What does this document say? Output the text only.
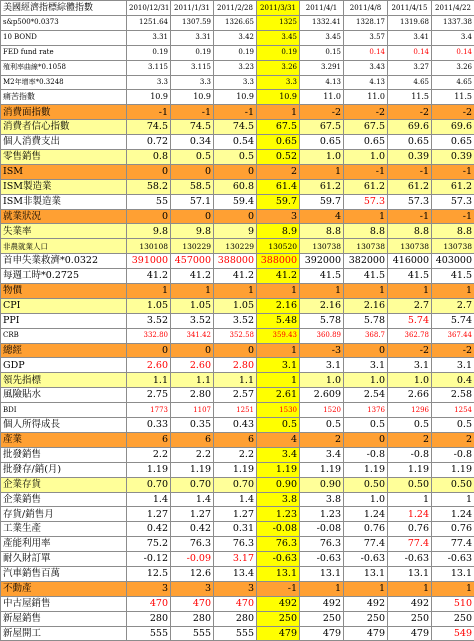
美國經濟指標綜體指數	2010/12/31	2011/1/31	2011/2/28	2011/3/31	2011/4/1	2011/4/8	2011/4/15	2011/4/22
s&p500*0.0373	1251.64	1307.59	1326.65	1325	1332.41	1328.17	1319.68	1337.38
10 BOND	3.31	3.31	3.42	3.45	3.45	3.57	3.41	3.4
FED fund rate	0.19	0.19	0.19	0.19	0.15	0.14	0.14	0.14
殖利率曲線*0.1058	3.115	3.115	3.23	3.26	3.291	3.43	3.27	3.26
M2年增率*0.3248	3.3	3.3	3.3	3.3	4.13	4.13	4.65	4.65
痛苦指數	10.9	10.9	10.9	10.9	11.0	11.0	11.5	11.5
消費面指數	-1	-1	-1	1	-2	-2	-2	-2
消費者信心指數	74.5	74.5	74.5	67.5	67.5	67.5	69.6	69.6
個人消費支出	0.72	0.34	0.54	0.65	0.65	0.65	0.65	0.65
零售銷售	0.8	0.5	0.5	0.52	1.0	1.0	0.39	0.39
ISM	0	0	0	2	1	-1	-1	-1
ISM製造業	58.2	58.5	60.8	61.4	61.2	61.2	61.2	61.2
ISM非製造業	55	57.1	59.4	59.7	59.7	57.3	57.3	57.3
就業狀況	0	0	0	3	4	1	-1	-1
失業率	9.8	9.8	9	8.9	8.8	8.8	8.8	8.8
非農就業人口	130108	130229	130229	130520	130738	130738	130738	130738
首申失業救濟*0.0322	391000	457000	388000	388000	392000	382000	416000	403000
每週工時*0.2725	41.2	41.2	41.2	41.2	41.5	41.5	41.5	41.5
物價	1	1	1	1	1	1	1	1
CPI	1.05	1.05	1.05	2.16	2.16	2.16	2.7	2.7
PPI	3.52	3.52	3.52	5.48	5.78	5.78	5.74	5.74
CRB	332.80	341.42	352.58	359.43	360.89	368.7	362.78	367.44
總經	0	0	0	1	-3	0	-2	-2
GDP	2.60	2.60	2.80	3.1	3.1	3.1	3.1	3.1
領先指標	1.1	1.1	1.1	1	1.0	1.0	1.0	0.4
風險貼水	2.75	2.80	2.57	2.61	2.609	2.54	2.66	2.58
BDI	1773	1107	1251	1530	1520	1376	1296	1254
個人所得成長	0.33	0.35	0.43	0.5	0.5	0.5	0.5	0.5
產業	6	6	6	4	2	0	2	2
批發銷售	2.2	2.2	2.2	3.4	3.4	-0.8	-0.8	-0.8
批發存/銷(月)	1.19	1.19	1.19	1.19	1.19	1.19	1.19	1.19
企業存貨	0.70	0.70	0.70	0.90	0.90	0.50	0.50	0.50
企業銷售	1.4	1.4	1.4	3.8	3.8	1.0	1	1
存貨/銷售月	1.27	1.27	1.27	1.23	1.23	1.24	1.24	1.24
工業生產	0.42	0.42	0.31	-0.08	-0.08	0.76	0.76	0.76
產能利用率	75.2	76.3	76.3	76.3	76.3	77.4	77.4	77.4
耐久財訂單	-0.12	-0.09	3.17	-0.63	-0.63	-0.63	-0.63	-0.63
汽車銷售百萬	12.5	12.6	13.4	13.1	13.1	13.1	13.1	13.1
不動產	3	3	3	-1	1	1	1	1
中古屋銷售	470	470	470	492	492	492	492	510
新屋銷售	280	280	280	250	250	250	250	250
新屋開工	555	555	555	479	479	479	479	549
